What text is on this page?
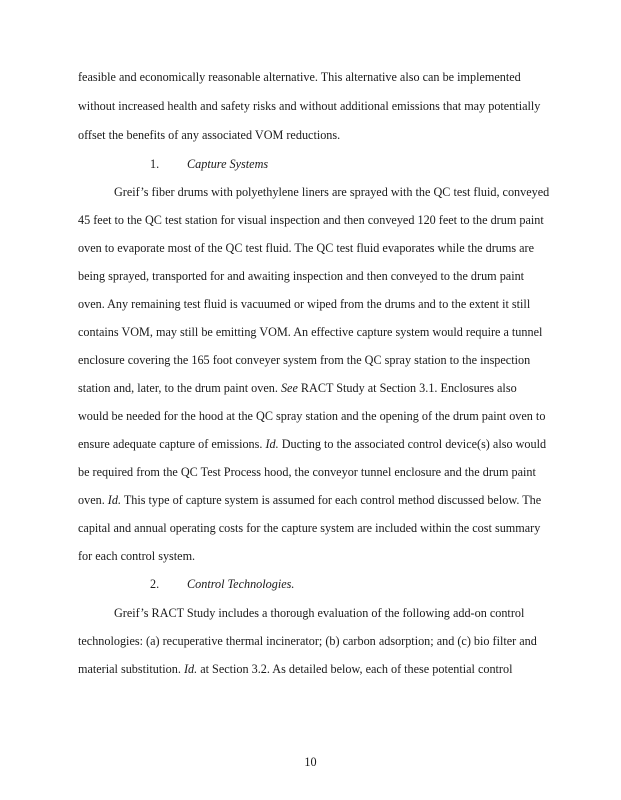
feasible and economically reasonable alternative. This alternative also can be implemented
without increased health and safety risks and without additional emissions that may potentially
offset the benefits of any associated VOM reductions.
1. Capture Systems
Greif’s fiber drums with polyethylene liners are sprayed with the QC test fluid, conveyed
45 feet to the QC test station for visual inspection and then conveyed 120 feet to the drum paint
oven to evaporate most of the QC test fluid. The QC test fluid evaporates while the drums are
being sprayed, transported for and awaiting inspection and then conveyed to the drum paint
oven. Any remaining test fluid is vacuumed or wiped from the drums and to the extent it still
contains VOM, may still be emitting VOM. An effective capture system would require a tunnel
enclosure covering the 165 foot conveyer system from the QC spray station to the inspection
station and, later, to the drum paint oven. See RACT Study at Section 3.1. Enclosures also
would be needed for the hood at the QC spray station and the opening of the drum paint oven to
ensure adequate capture of emissions. Id. Ducting to the associated control device(s) also would
be required from the QC Test Process hood, the conveyor tunnel enclosure and the drum paint
oven. Id. This type of capture system is assumed for each control method discussed below. The
capital and annual operating costs for the capture system are included within the cost summary
for each control system.
2. Control Technologies.
Greif’s RACT Study includes a thorough evaluation of the following add-on control
technologies: (a) recuperative thermal incinerator; (b) carbon adsorption; and (c) bio filter and
material substitution. Id. at Section 3.2. As detailed below, each of these potential control
10
